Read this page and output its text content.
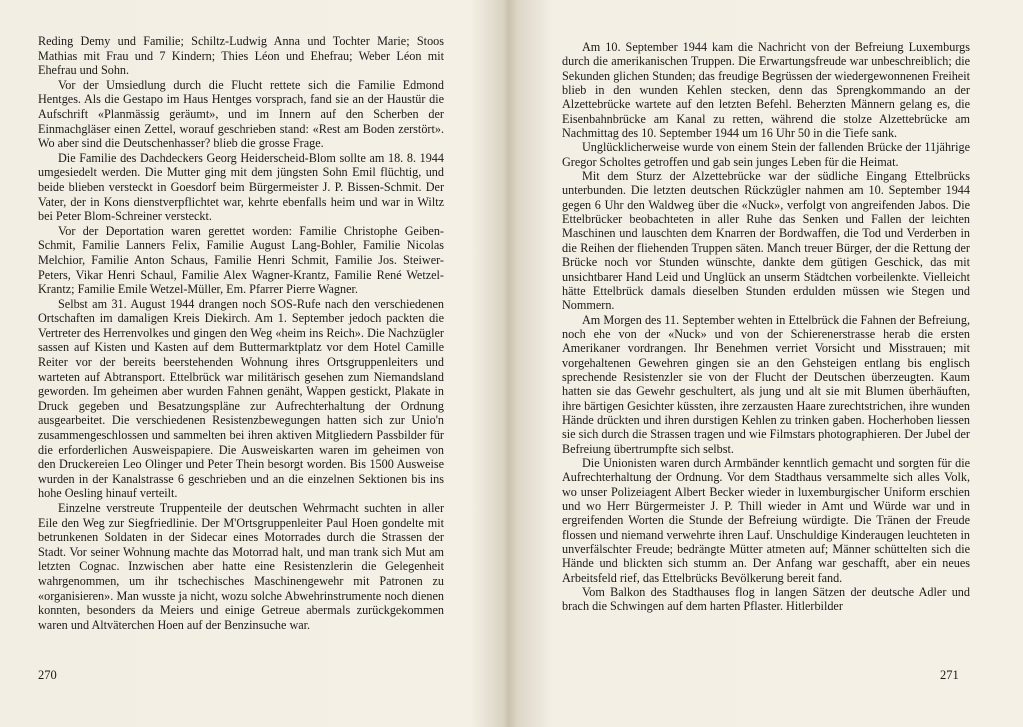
Reding Demy und Familie; Schiltz-Ludwig Anna und Tochter Marie; Stoos Mathias mit Frau und 7 Kindern; Thies Léon und Ehefrau; Weber Léon mit Ehefrau und Sohn.

Vor der Umsiedlung durch die Flucht rettete sich die Familie Edmond Hentges. Als die Gestapo im Haus Hentges vorsprach, fand sie an der Haustür die Aufschrift «Planmässig geräumt», und im Innern auf den Scherben der Einmachgläser einen Zettel, worauf geschrieben stand: «Rest am Boden zerstört». Wo aber sind die Deutschenhasser? blieb die grosse Frage.

Die Familie des Dachdeckers Georg Heiderscheid-Blom sollte am 18. 8. 1944 umgesiedelt werden. Die Mutter ging mit dem jüngsten Sohn Emil flüchtig, und beide blieben versteckt in Goesdorf beim Bürgermeister J. P. Bissen-Schmit. Der Vater, der in Kons dienstverpflichtet war, kehrte ebenfalls heim und war in Wiltz bei Peter Blom-Schreiner versteckt.

Vor der Deportation waren gerettet worden: Familie Christophe Geiben-Schmit, Familie Lanners Felix, Familie August Lang-Bohler, Familie Nicolas Melchior, Familie Anton Schaus, Familie Henri Schmit, Familie Jos. Steiwer-Peters, Vikar Henri Schaul, Familie Alex Wagner-Krantz, Familie René Wetzel- Krantz; Familie Emile Wetzel-Müller, Em. Pfarrer Pierre Wagner.

Selbst am 31. August 1944 drangen noch SOS-Rufe nach den verschiedenen Ortschaften im damaligen Kreis Diekirch. Am 1. September jedoch packten die Vertreter des Herrenvolkes und gingen den Weg «heim ins Reich». Die Nachzügler sassen auf Kisten und Kasten auf dem Buttermarktplatz vor dem Hotel Camille Reiter vor der bereits beerstehenden Wohnung ihres Ortsgruppenleiters und warteten auf Abtransport. Ettelbrück war militärisch gesehen zum Niemandsland geworden. Im geheimen aber wurden Fahnen genäht, Wappen gestickt, Plakate in Druck gegeben und Besatzungspläne zur Aufrechterhaltung der Ordnung ausgearbeitet. Die verschiedenen Resistenzbewegungen hatten sich zur Unio'n zusammengeschlossen und sammelten bei ihren aktiven Mitgliedern Passbilder für die erforderlichen Ausweispapiere. Die Ausweiskarten waren im geheimen von den Druckereien Leo Olinger und Peter Thein besorgt worden. Bis 1500 Ausweise wurden in der Kanalstrasse 6 geschrieben und an die einzelnen Sektionen bis ins hohe Oesling hinauf verteilt.

Einzelne verstreute Truppenteile der deutschen Wehrmacht suchten in aller Eile den Weg zur Siegfriedlinie. Der M'Ortsgruppenleiter Paul Hoen gondelte mit betrunkenen Soldaten in der Sidecar eines Motorrades durch die Strassen der Stadt. Vor seiner Wohnung machte das Motorrad halt, und man trank sich Mut am letzten Cognac. Inzwischen aber hatte eine Resistenzlerin die Gelegenheit wahrgenommen, um ihr tschechisches Maschinengewehr mit Patronen zu «organisieren». Man wusste ja nicht, wozu solche Abwehrinstrumente noch dienen konnten, besonders da Meiers und einige Getreue abermals zurückgekommen waren und Altväterchen Hoen auf der Benzinsuche war.

270

Am 10. September 1944 kam die Nachricht von der Befreiung Luxemburgs durch die amerikanischen Truppen. Die Erwartungsfreude war unbeschreiblich; die Sekunden glichen Stunden; das freudige Begrüssen der wiedergewonnenen Freiheit blieb in den wunden Kehlen stecken, denn das Sprengkommando an der Alzettebrücke wartete auf den letzten Befehl. Beherzten Männern gelang es, die Eisenbahnbrücke am Kanal zu retten, während die stolze Alzettebrücke am Nachmittag des 10. September 1944 um 16 Uhr 50 in die Tiefe sank.

Unglücklicherweise wurde von einem Stein der fallenden Brücke der 11jährige Gregor Scholtes getroffen und gab sein junges Leben für die Heimat.

Mit dem Sturz der Alzettebrücke war der südliche Eingang Ettelbrücks unterbunden. Die letzten deutschen Rückzügler nahmen am 10. September 1944 gegen 6 Uhr den Waldweg über die «Nuck», verfolgt von angreifenden Jabos. Die Ettelbrücker beobachteten in aller Ruhe das Senken und Fallen der leichten Maschinen und lauschten dem Knarren der Bordwaffen, die Tod und Verderben in die Reihen der fliehenden Truppen säten. Manch treuer Bürger, der die Rettung der Brücke noch vor Stunden wünschte, dankte dem gütigen Geschick, das mit unsichtbarer Hand Leid und Unglück an unserm Städtchen vorbeilenkte. Vielleicht hätte Ettelbrück damals dieselben Stunden erdulden müssen wie Stegen und Nommern.

Am Morgen des 11. September wehten in Ettelbrück die Fahnen der Befreiung, noch ehe von der «Nuck» und von der Schierenerstrasse herab die ersten Amerikaner vordrangen. Ihr Benehmen verriet Vorsicht und Misstrauen; mit vorgehaltenen Gewehren gingen sie an den Gehsteigen entlang bis englisch sprechende Resistenzler sie von der Flucht der Deutschen überzeugten. Kaum hatten sie das Gewehr geschultert, als jung und alt sie mit Blumen überhäuften, ihre bärtigen Gesichter küssten, ihre zerzausten Haare zurechtstrichen, ihre wunden Hände drückten und ihren durstigen Kehlen zu trinken gaben. Hocherhoben liessen sie sich durch die Strassen tragen und wie Filmstars photographieren. Der Jubel der Befreiung übertrumpfte sich selbst.

Die Unionisten waren durch Armbänder kenntlich gemacht und sorgten für die Aufrechterhaltung der Ordnung. Vor dem Stadthaus versammelte sich alles Volk, wo unser Polizeiagent Albert Becker wieder in luxemburgischer Uniform erschien und wo Herr Bürgermeister J. P. Thill wieder in Amt und Würde war und in ergreifenden Worten die Stunde der Befreiung würdigte. Die Tränen der Freude flossen und niemand verwehrte ihren Lauf. Unschuldige Kinderaugen leuchteten in unverfälschter Freude; bedrängte Mütter atmeten auf; Männer schüttelten sich die Hände und blickten sich stumm an. Der Anfang war geschafft, aber ein neues Arbeitsfeld rief, das Ettelbrücks Bevölkerung bereit fand.

Vom Balkon des Stadthauses flog in langen Sätzen der deutsche Adler und brach die Schwingen auf dem harten Pflaster. Hitlerbilder

271
